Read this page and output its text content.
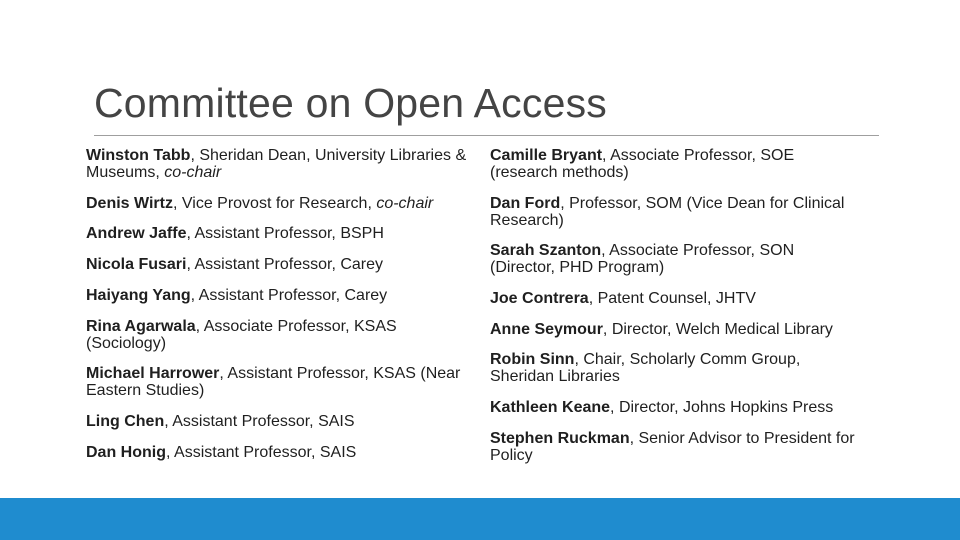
Committee on Open Access
Winston Tabb, Sheridan Dean, University Libraries & Museums, co-chair
Denis Wirtz, Vice Provost for Research, co-chair
Andrew Jaffe, Assistant Professor, BSPH
Nicola Fusari, Assistant Professor, Carey
Haiyang Yang, Assistant Professor, Carey
Rina Agarwala, Associate Professor, KSAS (Sociology)
Michael Harrower, Assistant Professor, KSAS (Near Eastern Studies)
Ling Chen, Assistant Professor, SAIS
Dan Honig, Assistant Professor, SAIS
Camille Bryant, Associate Professor, SOE (research methods)
Dan Ford, Professor, SOM (Vice Dean for Clinical Research)
Sarah Szanton, Associate Professor, SON (Director, PHD Program)
Joe Contrera, Patent Counsel, JHTV
Anne Seymour, Director, Welch Medical Library
Robin Sinn, Chair, Scholarly Comm Group, Sheridan Libraries
Kathleen Keane, Director, Johns Hopkins Press
Stephen Ruckman, Senior Advisor to President for Policy
